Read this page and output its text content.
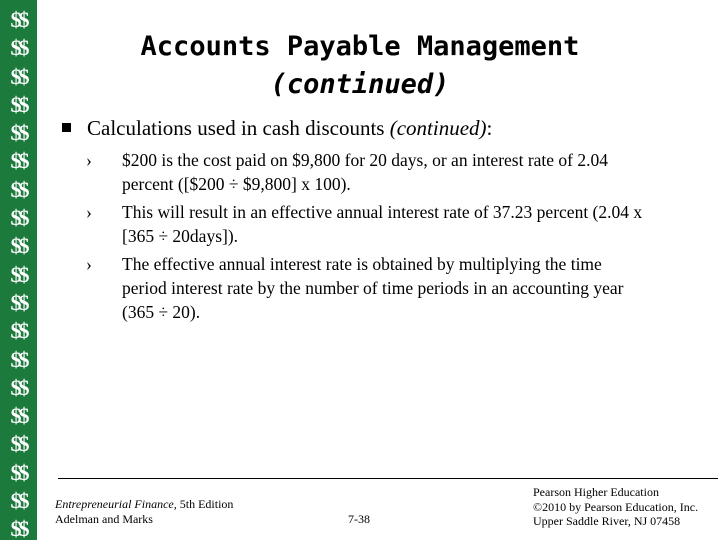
$$
$$
$$
$$
$$
$$
$$
$$
$$
$$
$$
$$
$$
$$
$$
$$
$$
$$
$$
Accounts Payable Management
(continued)
Calculations used in cash discounts (continued):
›	$200 is the cost paid on $9,800 for 20 days, or an interest rate of 2.04 percent ([$200 ÷ $9,800] x 100).
›	This will result in an effective annual interest rate of 37.23 percent (2.04 x [365 ÷ 20days]).
›	The effective annual interest rate is obtained by multiplying the time period interest rate by the number of time periods in an accounting year (365 ÷ 20).
Entrepreneurial Finance, 5th Edition
Adelman and Marks	7-38
Pearson Higher Education
©2010 by Pearson Education, Inc.
Upper Saddle River, NJ 07458
